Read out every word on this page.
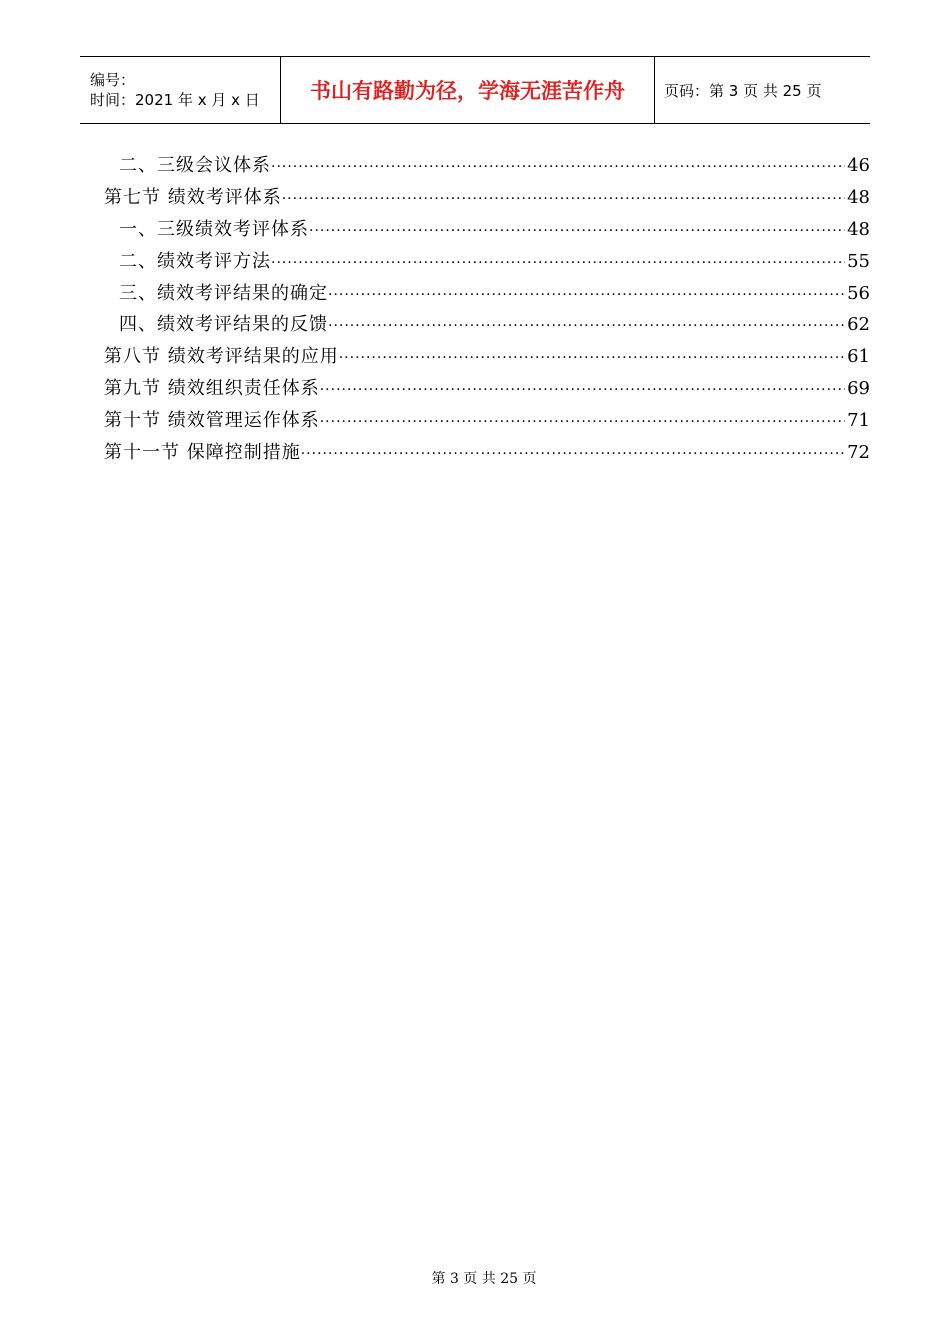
编号：
时间：2021 年 x 月 x 日	书山有路勤为径，学海无涯苦作舟	页码：第 3 页 共 25 页
二、三级会议体系 ·····	46
第七节 绩效考评体系 ·····	48
一、三级绩效考评体系 ·····	48
二、绩效考评方法 ·····	55
三、绩效考评结果的确定 ·····	56
四、绩效考评结果的反馈 ·····	62
第八节 绩效考评结果的应用 ·····	61
第九节 绩效组织责任体系 ·····	69
第十节 绩效管理运作体系 ·····	71
第十一节 保障控制措施 ·····	72
第 3 页 共 25 页
